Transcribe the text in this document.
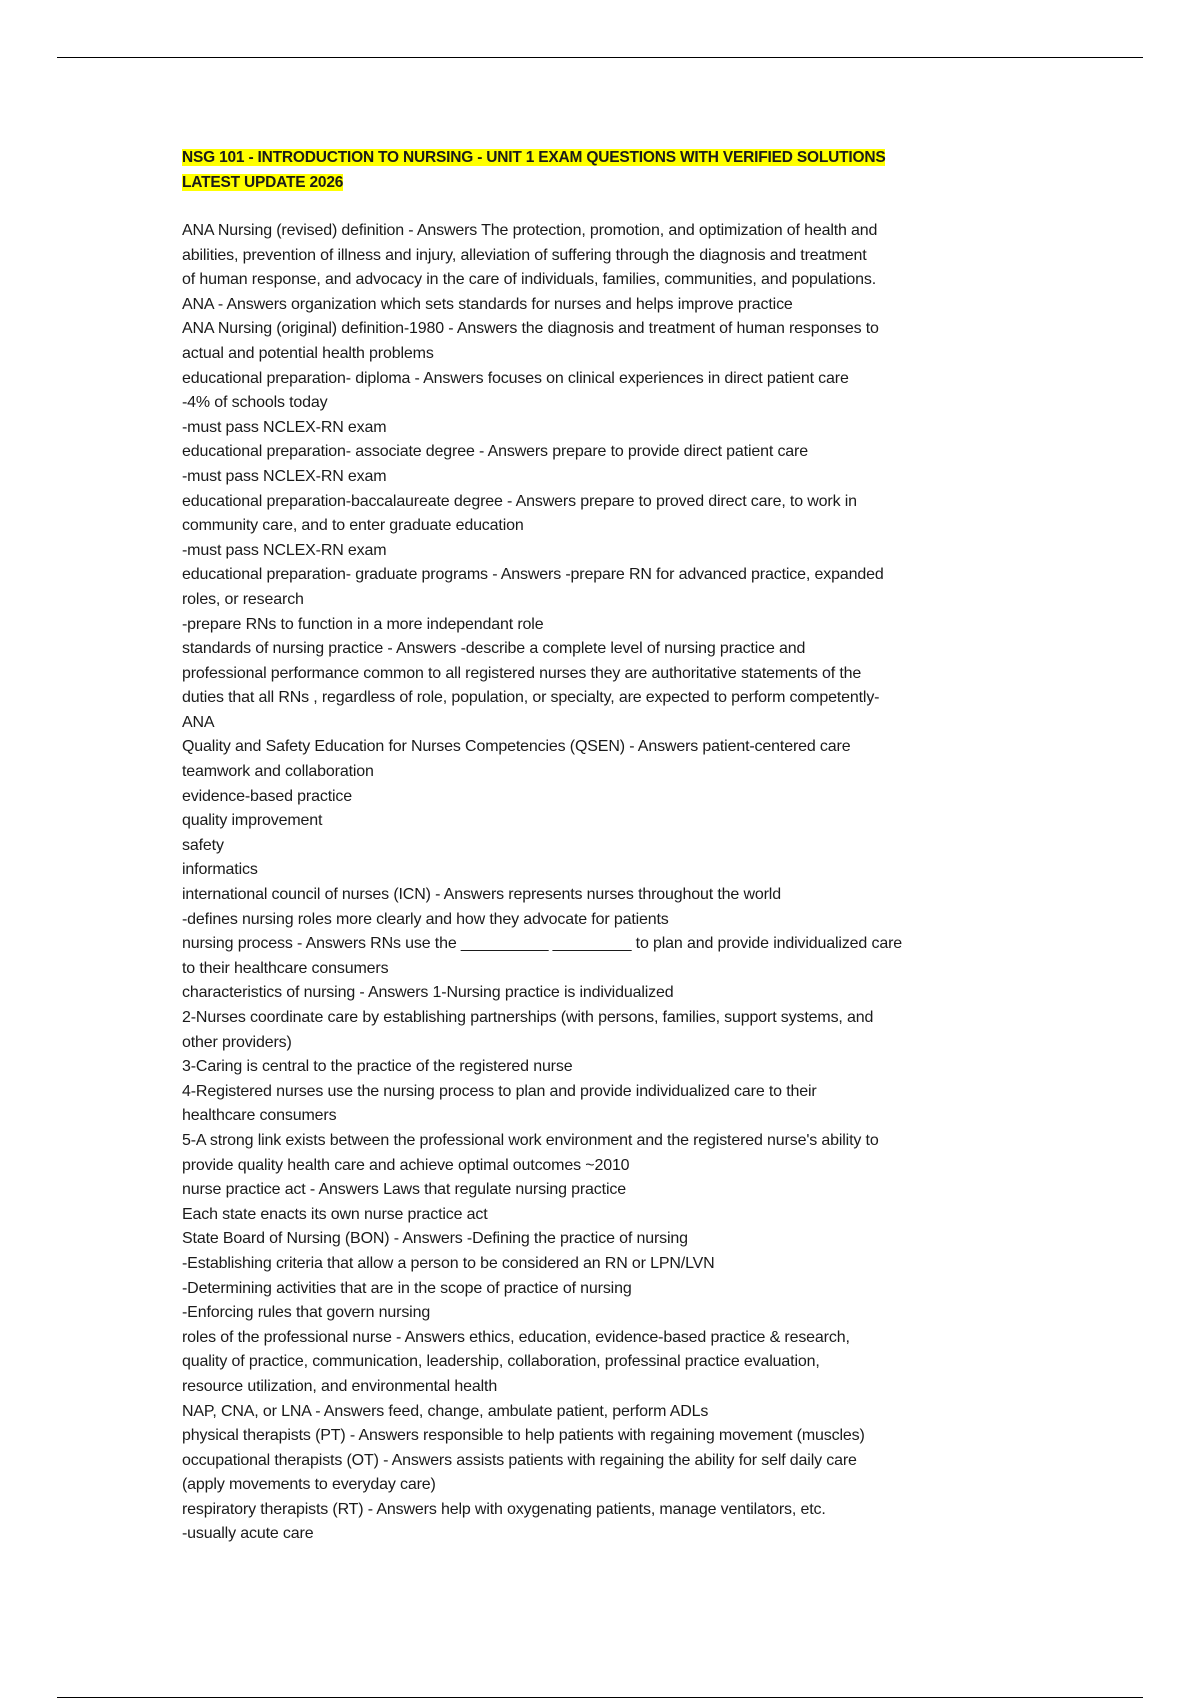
NSG 101 - INTRODUCTION TO NURSING - UNIT 1 EXAM QUESTIONS WITH VERIFIED SOLUTIONS
LATEST UPDATE 2026
ANA Nursing (revised) definition - Answers The protection, promotion, and optimization of health and
abilities, prevention of illness and injury, alleviation of suffering through the diagnosis and treatment
of human response, and advocacy in the care of individuals, families, communities, and populations.
ANA - Answers organization which sets standards for nurses and helps improve practice
ANA Nursing (original) definition-1980 - Answers the diagnosis and treatment of human responses to
actual and potential health problems
educational preparation- diploma - Answers focuses on clinical experiences in direct patient care
-4% of schools today
-must pass NCLEX-RN exam
educational preparation- associate degree - Answers prepare to provide direct patient care
-must pass NCLEX-RN exam
educational preparation-baccalaureate degree - Answers prepare to proved direct care, to work in
community care, and to enter graduate education
-must pass NCLEX-RN exam
educational preparation- graduate programs - Answers -prepare RN for advanced practice, expanded
roles, or research
-prepare RNs to function in a more independant role
standards of nursing practice - Answers -describe a complete level of nursing practice and
professional performance common to all registered nurses they are authoritative statements of the
duties that all RNs , regardless of role, population, or specialty, are expected to perform competently-
ANA
Quality and Safety Education for Nurses Competencies (QSEN) - Answers patient-centered care
teamwork and collaboration
evidence-based practice
quality improvement
safety
informatics
international council of nurses (ICN) - Answers represents nurses throughout the world
-defines nursing roles more clearly and how they advocate for patients
nursing process - Answers RNs use the __________ _________ to plan and provide individualized care
to their healthcare consumers
characteristics of nursing - Answers 1-Nursing practice is individualized
2-Nurses coordinate care by establishing partnerships (with persons, families, support systems, and
other providers)
3-Caring is central to the practice of the registered nurse
4-Registered nurses use the nursing process to plan and provide individualized care to their
healthcare consumers
5-A strong link exists between the professional work environment and the registered nurse's ability to
provide quality health care and achieve optimal outcomes ~2010
nurse practice act - Answers Laws that regulate nursing practice
Each state enacts its own nurse practice act
State Board of Nursing (BON) - Answers -Defining the practice of nursing
-Establishing criteria that allow a person to be considered an RN or LPN/LVN
-Determining activities that are in the scope of practice of nursing
-Enforcing rules that govern nursing
roles of the professional nurse - Answers ethics, education, evidence-based practice & research,
quality of practice, communication, leadership, collaboration, professinal practice evaluation,
resource utilization, and environmental health
NAP, CNA, or LNA - Answers feed, change, ambulate patient, perform ADLs
physical therapists (PT) - Answers responsible to help patients with regaining movement (muscles)
occupational therapists (OT) - Answers assists patients with regaining the ability for self daily care
(apply movements to everyday care)
respiratory therapists (RT) - Answers help with oxygenating patients, manage ventilators, etc.
-usually acute care
